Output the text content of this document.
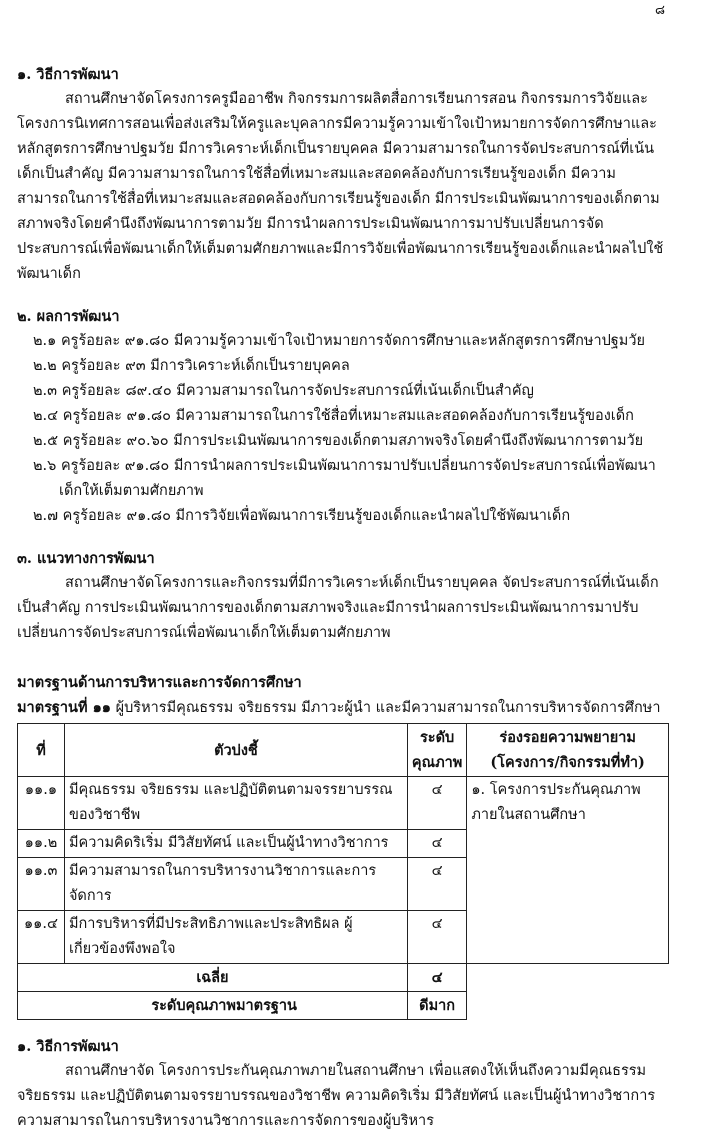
๘

๑. วิธีการพัฒนา

สถานศึกษาจัดโครงการครูมืออาชีพ กิจกรรมการผลิตสื่อการเรียนการสอน กิจกรรมการวิจัยและโครงการนิเทศการสอนเพื่อส่งเสริมให้ครูและบุคลากรมีความรู้ความเข้าใจเป้าหมายการจัดการศึกษาและหลักสูตรการศึกษาปฐมวัย มีการวิเคราะห์เด็กเป็นรายบุคคล มีความสามารถในการจัดประสบการณ์ที่เน้นเด็กเป็นสำคัญ มีความสามารถในการใช้สื่อที่เหมาะสมและสอดคล้องกับการเรียนรู้ของเด็ก มีความสามารถในการใช้สื่อที่เหมาะสมและสอดคล้องกับการเรียนรู้ของเด็ก มีการประเมินพัฒนาการของเด็กตามสภาพจริงโดยคำนึงถึงพัฒนาการตามวัย มีการนำผลการประเมินพัฒนาการมาปรับเปลี่ยนการจัดประสบการณ์เพื่อพัฒนาเด็กให้เต็มตามศักยภาพและมีการวิจัยเพื่อพัฒนาการเรียนรู้ของเด็กและนำผลไปใช้พัฒนาเด็ก

๒. ผลการพัฒนา

๒.๑ ครูร้อยละ ๙๑.๘๐ มีความรู้ความเข้าใจเป้าหมายการจัดการศึกษาและหลักสูตรการศึกษาปฐมวัย
๒.๒ ครูร้อยละ ๙๓ มีการวิเคราะห์เด็กเป็นรายบุคคล
๒.๓ ครูร้อยละ ๘๙.๔๐ มีความสามารถในการจัดประสบการณ์ที่เน้นเด็กเป็นสำคัญ
๒.๔ ครูร้อยละ ๙๑.๘๐ มีความสามารถในการใช้สื่อที่เหมาะสมและสอดคล้องกับการเรียนรู้ของเด็ก
๒.๕ ครูร้อยละ ๙๐.๖๐ มีการประเมินพัฒนาการของเด็กตามสภาพจริงโดยคำนึงถึงพัฒนาการตามวัย
๒.๖ ครูร้อยละ ๙๑.๘๐ มีการนำผลการประเมินพัฒนาการมาปรับเปลี่ยนการจัดประสบการณ์เพื่อพัฒนาเด็กให้เต็มตามศักยภาพ
๒.๗ ครูร้อยละ ๙๑.๘๐ มีการวิจัยเพื่อพัฒนาการเรียนรู้ของเด็กและนำผลไปใช้พัฒนาเด็ก

๓. แนวทางการพัฒนา

สถานศึกษาจัดโครงการและกิจกรรมที่มีการวิเคราะห์เด็กเป็นรายบุคคล จัดประสบการณ์ที่เน้นเด็กเป็นสำคัญ การประเมินพัฒนาการของเด็กตามสภาพจริงและมีการนำผลการประเมินพัฒนาการมาปรับเปลี่ยนการจัดประสบการณ์เพื่อพัฒนาเด็กให้เต็มตามศักยภาพ

มาตรฐานด้านการบริหารและการจัดการศึกษา

มาตรฐานที่ ๑๑ ผู้บริหารมีคุณธรรม จริยธรรม มีภาวะผู้นำ และมีความสามารถในการบริหารจัดการศึกษา

ที่	ตัวบ่งชี้	ระดับคุณภาพ	ร่องรอยความพยายาม (โครงการ/กิจกรรมที่ทำ)
๑๑.๑	มีคุณธรรม จริยธรรม และปฏิบัติตนตามจรรยาบรรณของวิชาชีพ	๔	๑. โครงการประกันคุณภาพภายในสถานศึกษา
๑๑.๒	มีความคิดริเริ่ม มีวิสัยทัศน์ และเป็นผู้นำทางวิชาการ	๔	
๑๑.๓	มีความสามารถในการบริหารงานวิชาการและการจัดการ	๔	
๑๑.๔	มีการบริหารที่มีประสิทธิภาพและประสิทธิผล ผู้เกี่ยวข้องพึงพอใจ	๔	
เฉลี่ย		๔	
ระดับคุณภาพมาตรฐาน		ดีมาก	

๑. วิธีการพัฒนา

สถานศึกษาจัด โครงการประกันคุณภาพภายในสถานศึกษา เพื่อแสดงให้เห็นถึงความมีคุณธรรม จริยธรรม และปฏิบัติตนตามจรรยาบรรณของวิชาชีพ ความคิดริเริ่ม มีวิสัยทัศน์ และเป็นผู้นำทางวิชาการ ความสามารถในการบริหารงานวิชาการและการจัดการของผู้บริหาร
